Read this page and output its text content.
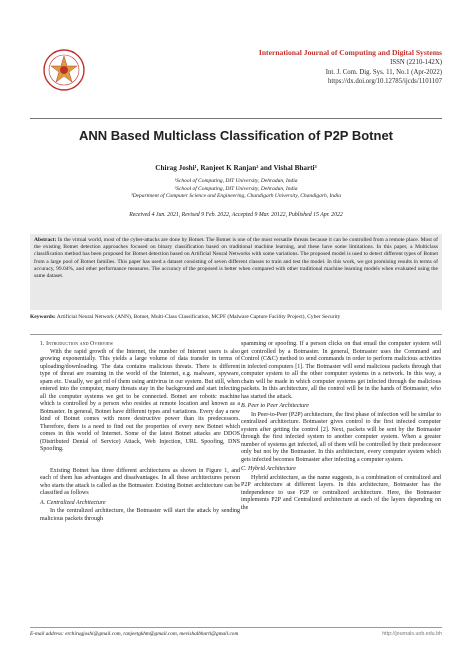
International Journal of Computing and Digital Systems
ISSN (2210-142X)
Int. J. Com. Dig. Sys. 11, No.1 (Apr-2022)
https://dx.doi.org/10.12785/ijcds/1101107
ANN Based Multiclass Classification of P2P Botnet
Chirag Joshi¹, Ranjeet K Ranjan² and Vishal Bharti³
¹School of Computing, DIT University, Dehradun, India
²School of Computing, DIT University, Dehradun, India
³Department of Computer Science and Engineering, Chandigarh University, Chandigarh, India
Received 4 Jun. 2021, Revised 9 Feb. 2022, Accepted 9 Mar. 20122, Published 15 Apr. 2022
Abstract: In the virtual world, most of the cyber-attacks are done by Botnet. The Botnet is one of the most versatile threats because it can be controlled from a remote place. Most of the existing Botnet detection approaches focused on binary classification based on traditional machine learning, and these have some limitations. In this paper, a Multiclass classification method has been proposed for Botnet detection based on Artificial Neural Networks with some variations. The proposed model is used to detect different types of Botnet from a large pool of Botnet families. This paper has used a dataset consisting of seven different classes to train and test the model. In this work, we got promising results in terms of accuracy, 99.04%, and other performance measures. The accuracy of the proposed is better when compared with other traditional machine learning models when evaluated using the same dataset.
Keywords: Artificial Neural Network (ANN), Botnet, Multi-Class Classification, MCPF (Malware Capture Facility Project), Cyber Security
1. Introduction and Overview

With the rapid growth of the Internet, the number of Internet users is also growing exponentially. This yields a large volume of data transfer in terms of uploading/downloading. The data contains malicious threats. There is different type of threat are roaming in the world of the Internet, e.g. malware, spyware, spam etc. Usually, we get rid of them using antivirus in our system. But still, when entered into the computer, many threats stay in the background and start infecting all the computer systems we get to be connected. Botnet are robotic machine which is controlled by a person who resides at remote location and known as a Botmaster. In general, Botnet have different types and variations. Every day a new kind of Botnet comes with more destructive power than its predecessors. Therefore, there is a need to find out the properties of every new Botnet which comes in this world of Internet. Some of the latest Botnet attacks are DDOS (Distributed Denial of Service) Attack, Web Injection, URL Spoofing, DNS Spoofing.

Existing Botnet has three different architectures as shown in Figure 1, and each of them has advantages and disadvantages. In all these architectures person who starts the attack is called as the Botmaster. Existing Botnet architecture can be classified as follows

A. Centralized Architecture

In the centralized architecture, the Botmaster will start the attack by sending malicious packets through

spamming or spoofing. If a person clicks on that email the computer system will get controlled by a Botmaster. In general, Botmaster uses the Command and Control (C&C) method to send commands in order to perform malicious activities in infected computers [1]. The Botmaster will send malicious packets through that computer system to all the other computer systems in a network. In this way, a chain will be made in which computer systems get infected through the malicious packets. In this architecture, all the control will be in the hands of Botmaster, who has started the attack.

B. Peer to Peer Architecture

In Peer-to-Peer (P2P) architecture, the first phase of infection will be similar to centralized architecture. Botmaster gives control to the first infected computer system after getting the control [2]. Next, packets will be sent by the Botmaster through the first infected system to another computer system. When a greater number of systems get infected, all of them will be controlled by their predecessor only but not by the Botmaster. In this architecture, every computer system which gets infected becomes Botmaster after infecting a computer system.

C. Hybrid Architecture

Hybrid architecture, as the name suggests, is a combination of centralized and P2P architecture at different layers. In this architecture, Botmaster has the independence to use P2P or centralized architecture. Here, the Botmaster implements P2P and Centralized architecture at each of the layers depending on the

E-mail address: erchirugjoshi@gmail.com, ranjeetgkhm@gmail.com, mevishalbharti@gmail.com	http://journals.uob.edu.bh
